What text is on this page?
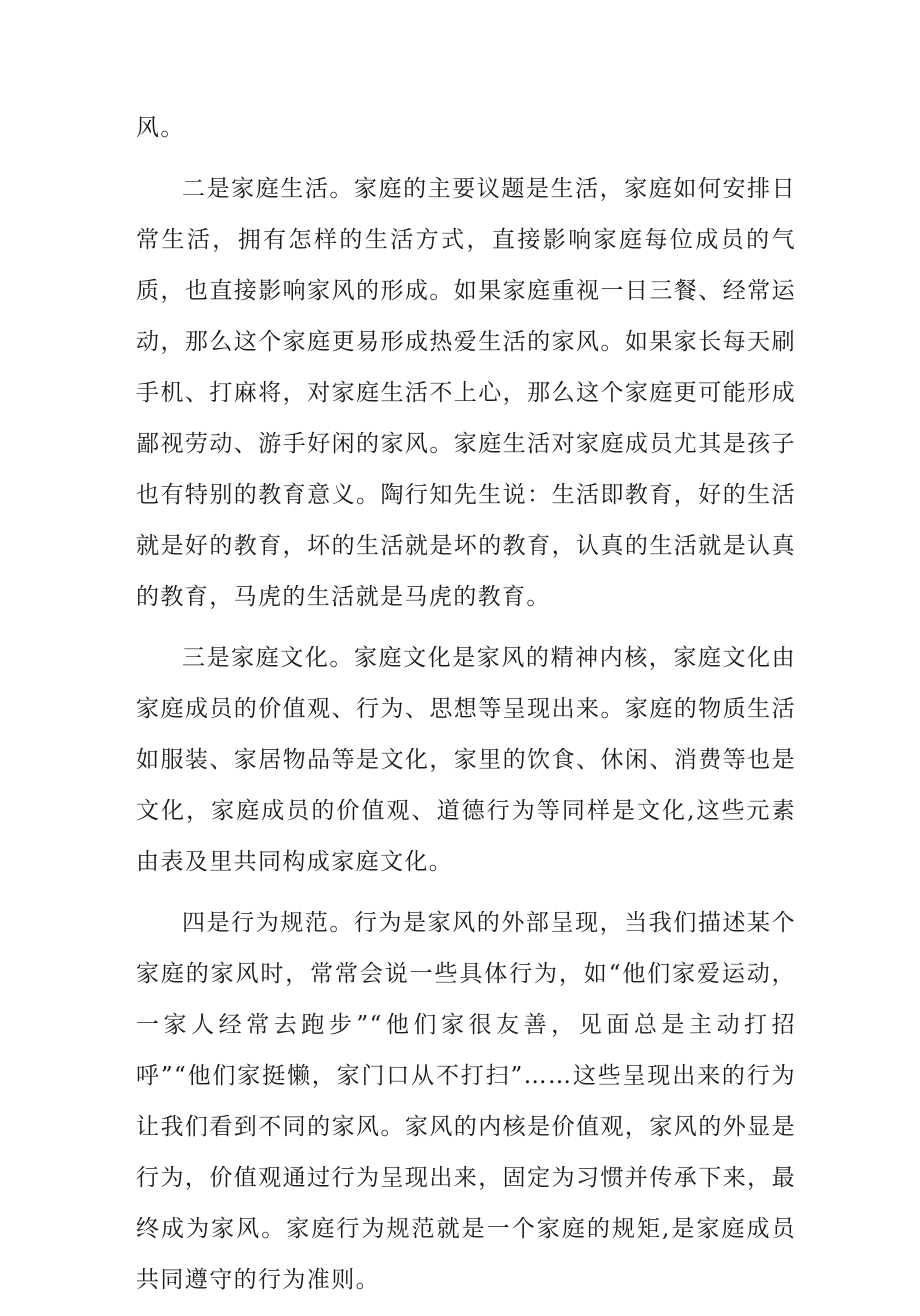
风。

二是家庭生活。家庭的主要议题是生活，家庭如何安排日常生活，拥有怎样的生活方式，直接影响家庭每位成员的气质，也直接影响家风的形成。如果家庭重视一日三餐、经常运动，那么这个家庭更易形成热爱生活的家风。如果家长每天刷手机、打麻将，对家庭生活不上心，那么这个家庭更可能形成鄙视劳动、游手好闲的家风。家庭生活对家庭成员尤其是孩子也有特别的教育意义。陶行知先生说：生活即教育，好的生活就是好的教育，坏的生活就是坏的教育，认真的生活就是认真的教育，马虎的生活就是马虎的教育。

三是家庭文化。家庭文化是家风的精神内核，家庭文化由家庭成员的价值观、行为、思想等呈现出来。家庭的物质生活如服装、家居物品等是文化，家里的饮食、休闲、消费等也是文化，家庭成员的价值观、道德行为等同样是文化,这些元素由表及里共同构成家庭文化。

四是行为规范。行为是家风的外部呈现，当我们描述某个家庭的家风时，常常会说一些具体行为，如“他们家爱运动，一家人经常去跑步”“他们家很友善，见面总是主动打招呼”“他们家挺懒，家门口从不打扫”……这些呈现出来的行为让我们看到不同的家风。家风的内核是价值观，家风的外显是行为，价值观通过行为呈现出来，固定为习惯并传承下来，最终成为家风。家庭行为规范就是一个家庭的规矩,是家庭成员共同遵守的行为准则。
